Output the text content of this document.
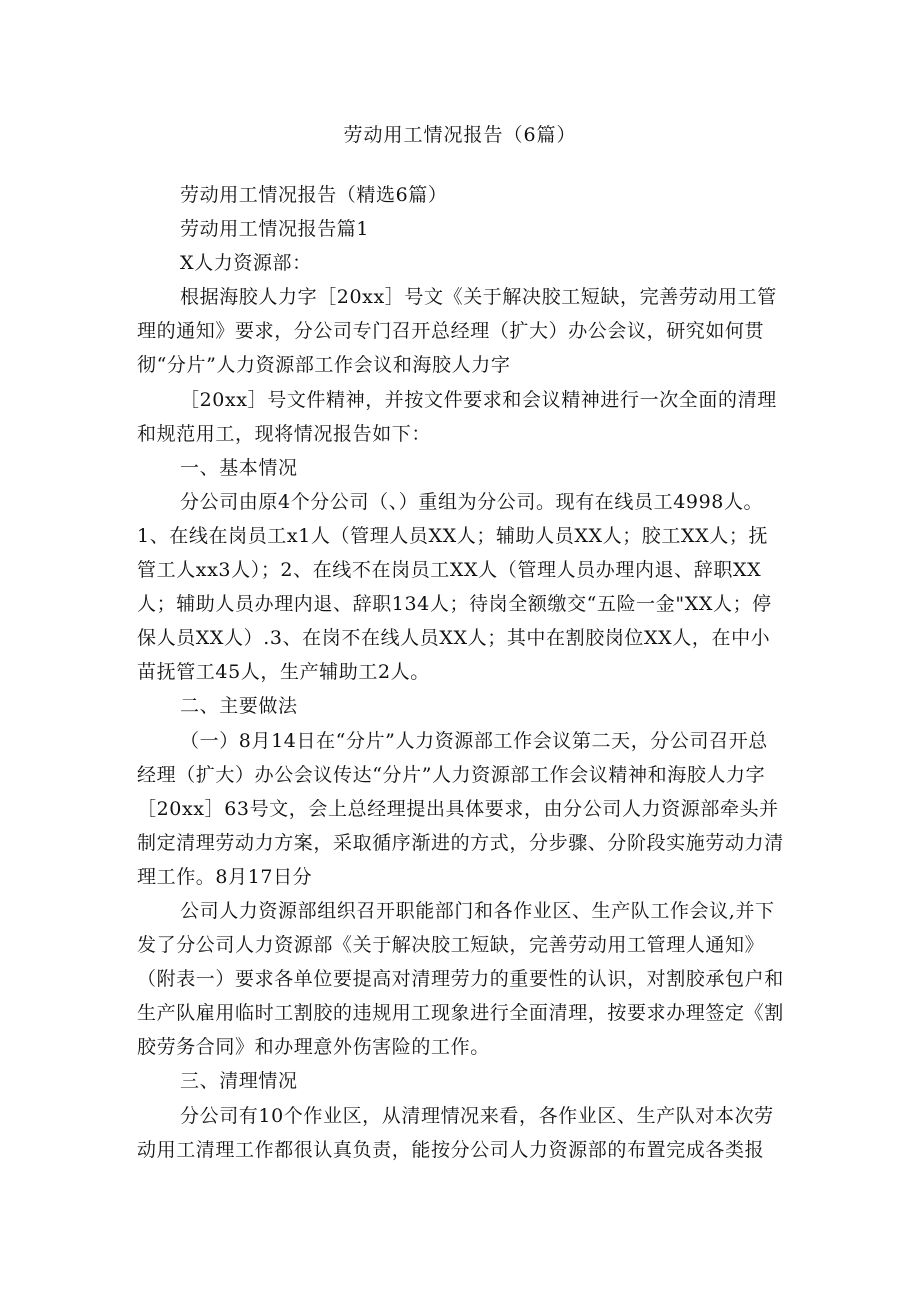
劳动用工情况报告（6篇）

劳动用工情况报告（精选6篇）

劳动用工情况报告篇1

X人力资源部：

根据海胶人力字［20xx］号文《关于解决胶工短缺，完善劳动用工管理的通知》要求，分公司专门召开总经理（扩大）办公会议，研究如何贯彻“分片”人力资源部工作会议和海胶人力字

［20xx］号文件精神，并按文件要求和会议精神进行一次全面的清理和规范用工，现将情况报告如下：

一、基本情况

分公司由原4个分公司（、）重组为分公司。现有在线员工4998人。1、在线在岗员工x1人（管理人员XX人；辅助人员XX人；胶工XX人；抚管工人xx3人）；2、在线不在岗员工XX人（管理人员办理内退、辞职XX人；辅助人员办理内退、辞职134人；待岗全额缴交“五险一金"XX人；停保人员XX人）.3、在岗不在线人员XX人；其中在割胶岗位XX人，在中小苗抚管工45人，生产辅助工2人。

二、主要做法

（一）8月14日在“分片”人力资源部工作会议第二天，分公司召开总经理（扩大）办公会议传达“分片”人力资源部工作会议精神和海胶人力字［20xx］63号文，会上总经理提出具体要求，由分公司人力资源部牵头并制定清理劳动力方案，采取循序渐进的方式，分步骤、分阶段实施劳动力清理工作。8月17日分

公司人力资源部组织召开职能部门和各作业区、生产队工作会议,并下发了分公司人力资源部《关于解决胶工短缺，完善劳动用工管理人通知》（附表一）要求各单位要提高对清理劳力的重要性的认识，对割胶承包户和生产队雇用临时工割胶的违规用工现象进行全面清理，按要求办理签定《割胶劳务合同》和办理意外伤害险的工作。

三、清理情况

分公司有10个作业区，从清理情况来看，各作业区、生产队对本次劳动用工清理工作都很认真负责，能按分公司人力资源部的布置完成各类报
